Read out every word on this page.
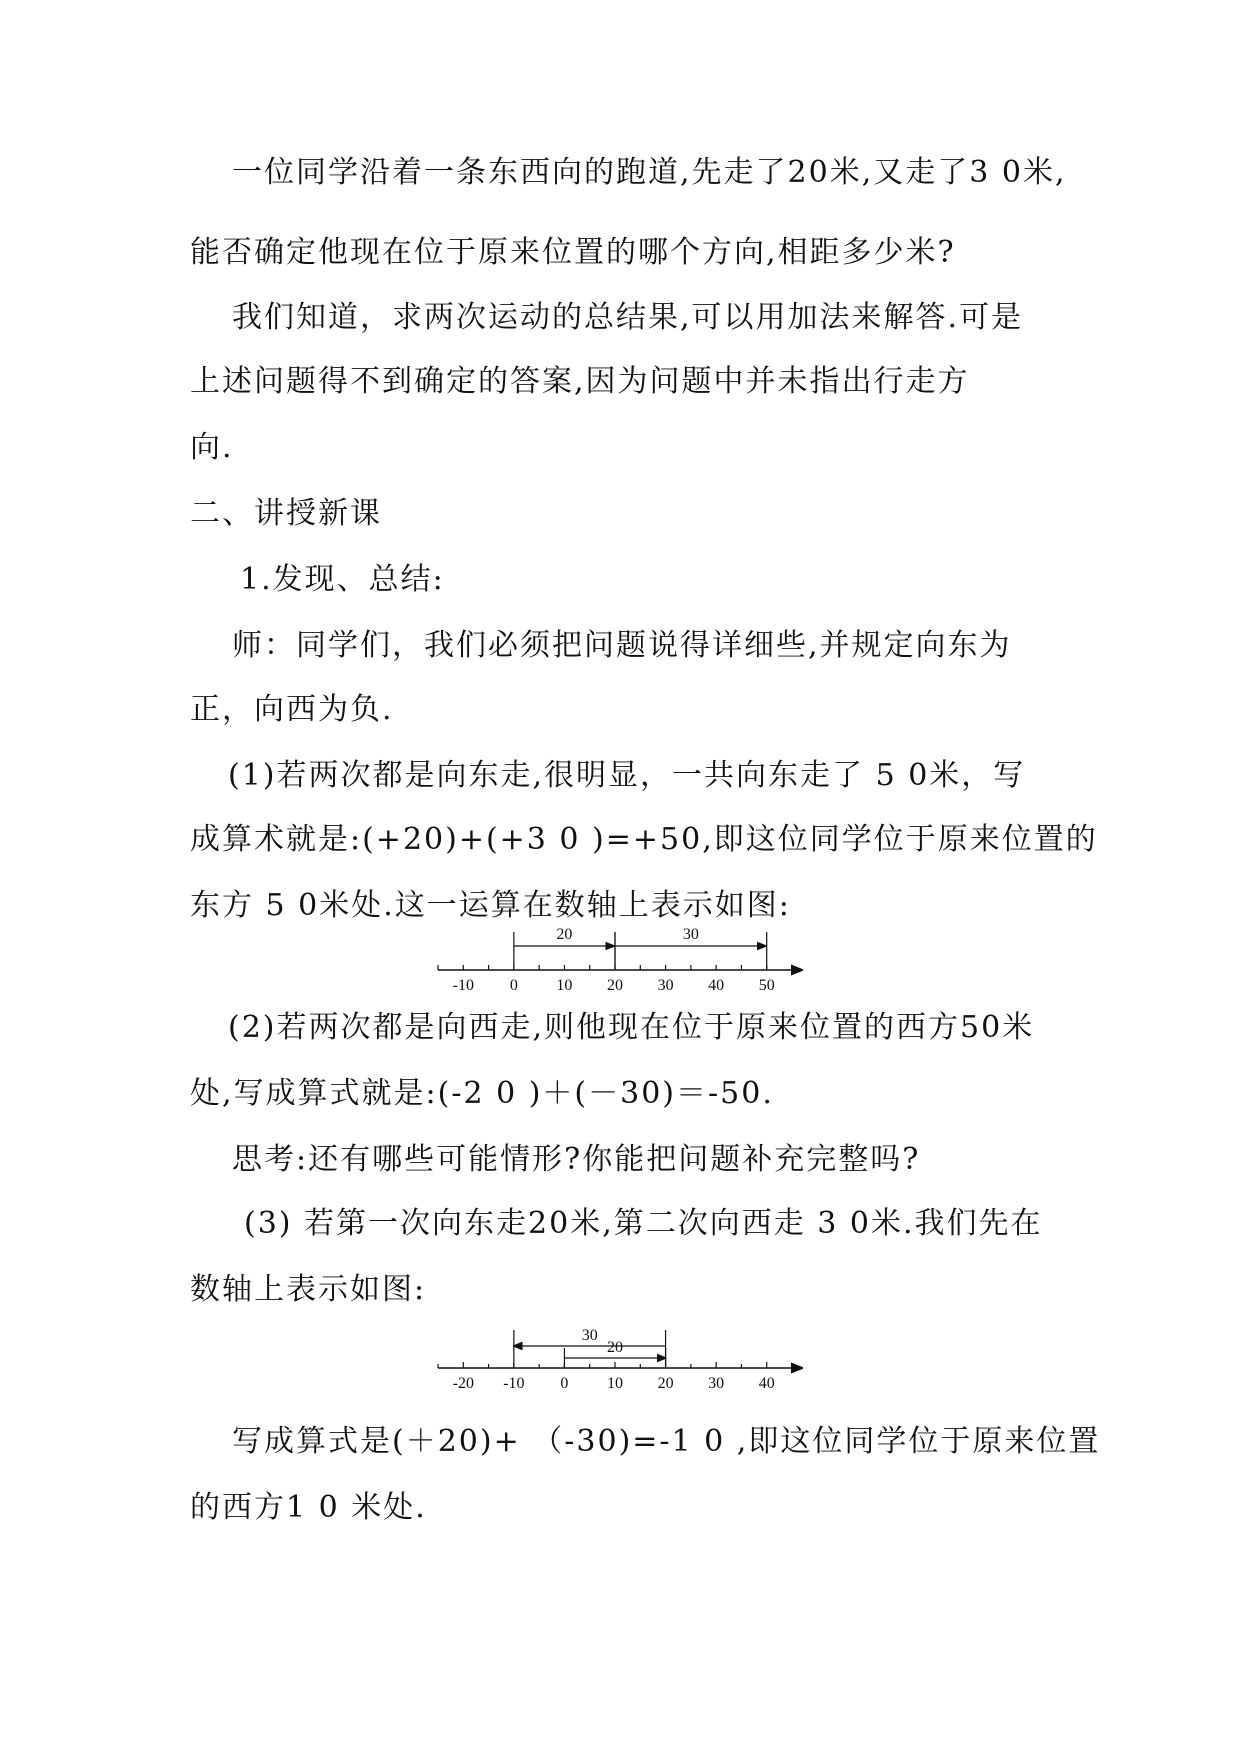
一位同学沿着一条东西向的跑道,先走了20米,又走了3 0米,
能否确定他现在位于原来位置的哪个方向,相距多少米?
我们知道，求两次运动的总结果,可以用加法来解答.可是
上述问题得不到确定的答案,因为问题中并未指出行走方
向.
二、讲授新课
1.发现、总结:
师：同学们，我们必须把问题说得详细些,并规定向东为
正，向西为负.
(1)若两次都是向东走,很明显，一共向东走了 5 0米，写
成算术就是:(+20)+(+3 0 )=+50,即这位同学位于原来位置的
东方 5 0米处.这一运算在数轴上表示如图:
-10 0 10 20 30 40 50
20	30
(2)若两次都是向西走,则他现在位于原来位置的西方50米
处,写成算式就是:(-2 0 )＋(－30)＝-50.
思考:还有哪些可能情形?你能把问题补充完整吗?
(3) 若第一次向东走20米,第二次向西走 3 0米.我们先在
数轴上表示如图:
-20 -10 0 10 20 30 40
30
20
写成算式是(＋20)+ （-30)=-1 0 ,即这位同学位于原来位置
的西方1 0 米处.
